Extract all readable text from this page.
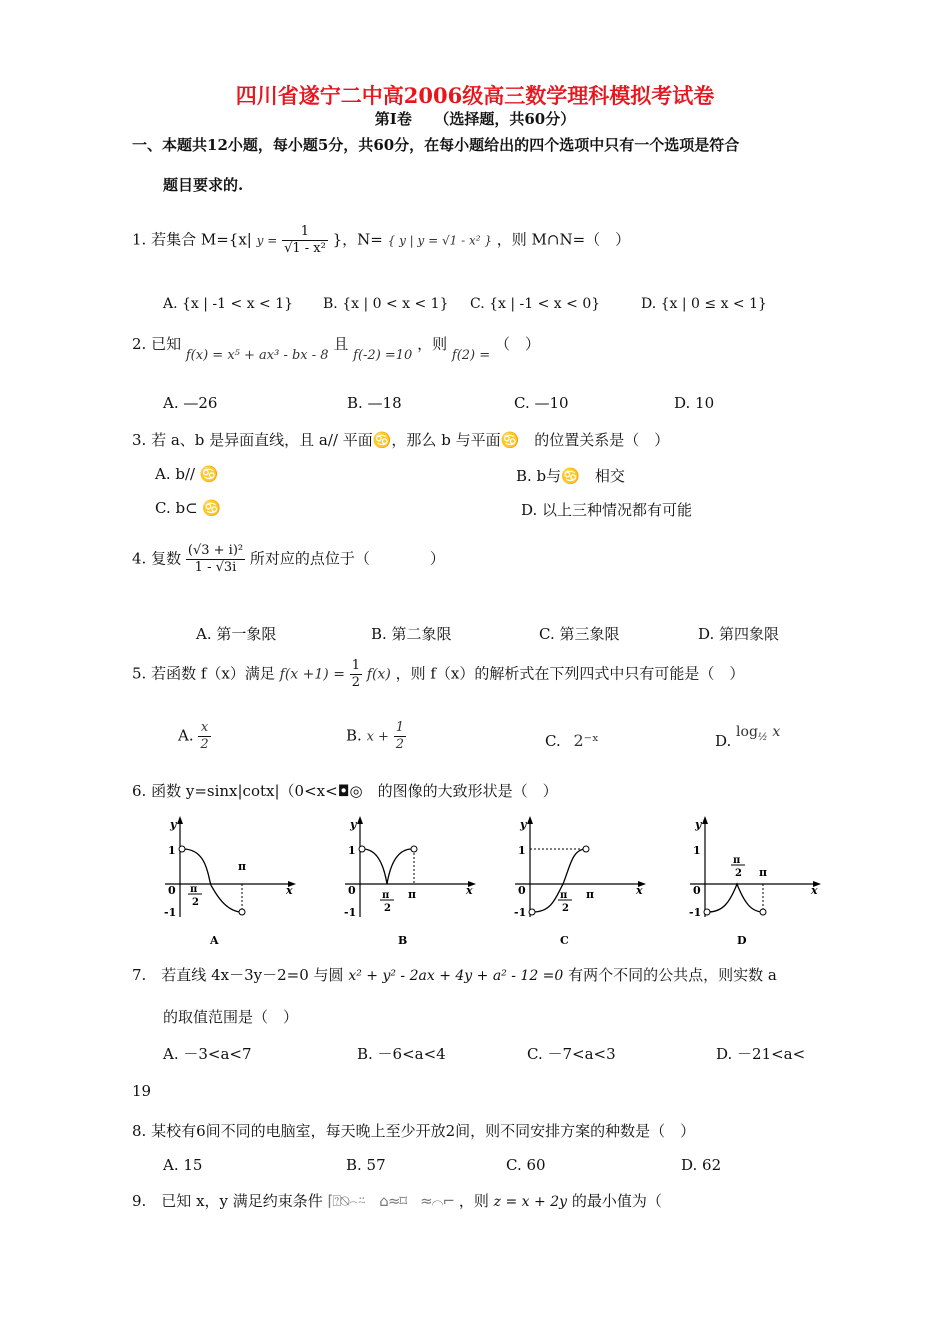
四川省遂宁二中高2006级高三数学理科模拟考试卷
第Ⅰ卷　　（选择题，共60分）
一、本题共12小题，每小题5分，共60分，在每小题给出的四个选项中只有一个选项是符合
题目要求的.
1. 若集合 M={x| $y = \frac{1}{\text{√1 - x²}}$ }，N= { y | y = √1 - x² } ，则 M∩N=（　）
A. {x | -1 < x < 1} B. {x | 0 < x < 1} C. {x | -1 < x < 0}	D. {x | 0 ≤ x < 1}
2. 已知 f(x) = x⁵ + ax³ - bx - 8 且 f(-2) =10 ，则 f(2) = （　）
A. —26	B. —18	C. —10	D. 10
3. 若 a、b 是异面直线，且 a// 平面♋，那么 b 与平面♋　的位置关系是（　）
A. b// ♋	B. b与♋　相交
C. b⊂ ♋	D. 以上三种情况都有可能
4. 复数 $\frac{\text{(√3 + i)²}}{1 - √3i}$ 所对应的点位于（　　　　）
A. 第一象限	B. 第二象限	C. 第三象限	D. 第四象限
5. 若函数 f（x）满足 $f(x +1) = \frac{1}{2} f(x)$ ，则 f（x）的解析式在下列四式中只有可能是（　）
A. $\frac{x}{2}$	B. $x + \frac{1}{2}$	C. 2⁻ˣ	D. $\log_{\frac{1}{2}} x$
6. 函数 y=sinx|cotx|（0<x<◘◎　的图像的大致形状是（　）
y
x
1
0
-1
π
2
π
A
y
x
1
0
-1
π
2
π
B
y
x
1
0
-1
π
2
π
C
y
x
1
0
-1
π
2 π
D
7.　若直线 4x－3y－2=0 与圆 x² + y² - 2ax + 4y + a² - 12 =0 有两个不同的公共点，则实数 a
的取值范围是（　）
A. －3<a<7	B. －6<a<4	C. －7<a<3	D. －21<a<
19
8. 某校有6间不同的电脑室，每天晚上至少开放2间，则不同安排方案的种数是（　）
A. 15	B. 57	C. 60	D. 62
9.　已知 x，y 满足约束条件 ⌈⍰⍉⌢⍨　⌂≈⌑　≈⌒⌐ ，则 z = x + 2y 的最小值为（
